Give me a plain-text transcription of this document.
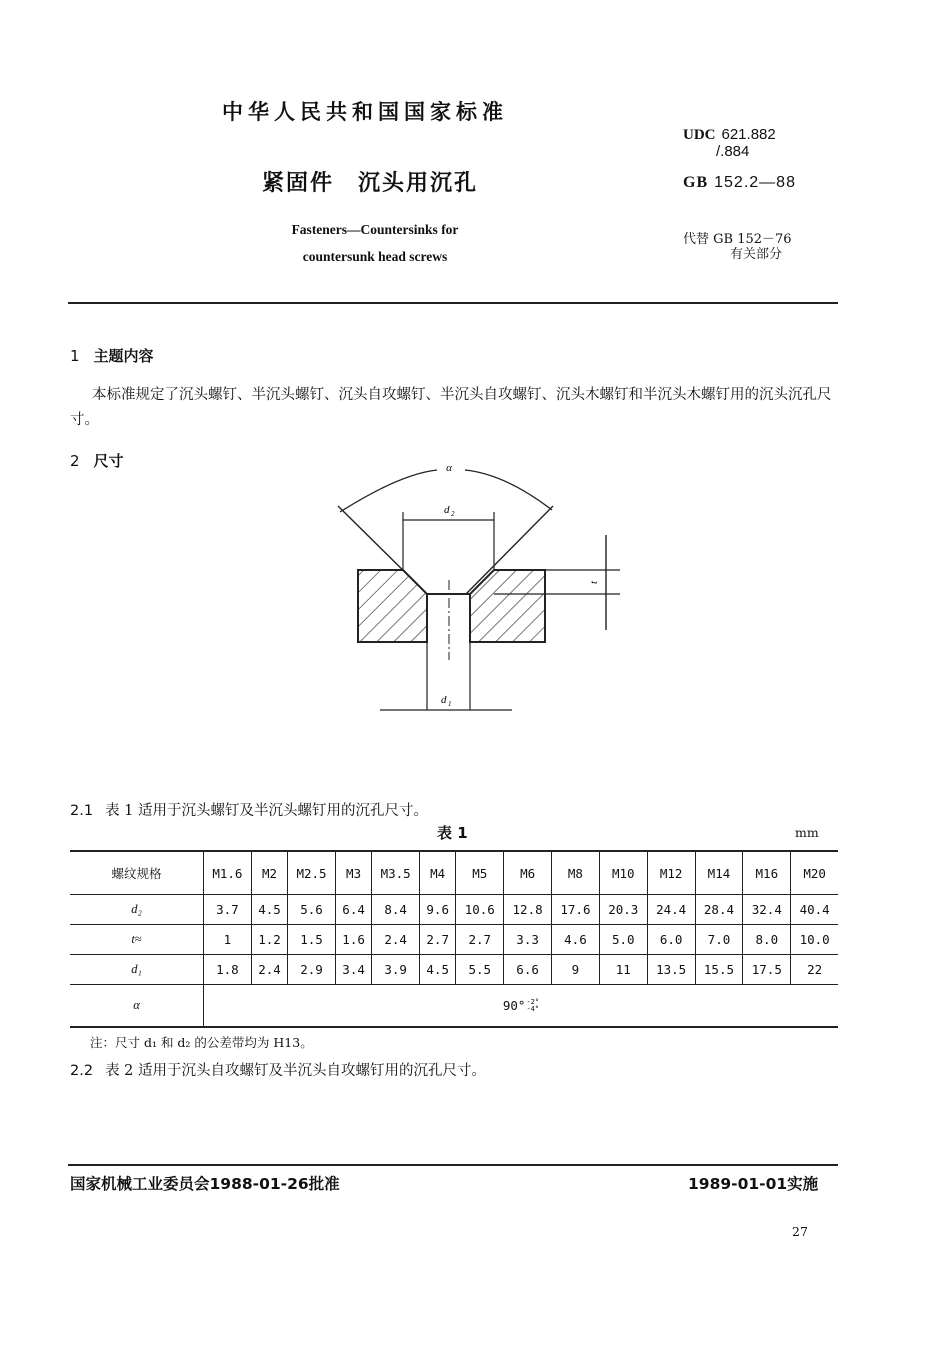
中华人民共和国国家标准
UDC 621.882
/.884
GB 152.2—88
代替 GB 152－76
有关部分
紧固件　沉头用沉孔
Fasteners—Countersinks for
countersunk head screws
1 主题内容
本标准规定了沉头螺钉、半沉头螺钉、沉头自攻螺钉、半沉头自攻螺钉、沉头木螺钉和半沉头木螺钉用的沉头沉孔尺寸。
2 尺寸	α
d 2
t
d 1
2.1 表 1 适用于沉头螺钉及半沉头螺钉用的沉孔尺寸。
表 1	mm
螺纹规格	M1.6	M2	M2.5	M3	M3.5	M4	M5	M6	M8	M10	M12	M14	M16	M20
d₂	3.7	4.5	5.6	6.4	8.4	9.6	10.6	12.8	17.6	20.3	24.4	28.4	32.4	40.4
t≈	1	1.2	1.5	1.6	2.4	2.7	2.7	3.3	4.6	5.0	6.0	7.0	8.0	10.0
d₁	1.8	2.4	2.9	3.4	3.9	4.5	5.5	6.6	9	11	13.5	15.5	17.5	22
α	90° -2°
-4°													
注：尺寸 d₁ 和 d₂ 的公差带均为 H13。
2.2 表 2 适用于沉头自攻螺钉及半沉头自攻螺钉用的沉孔尺寸。
国家机械工业委员会1988-01-26批准	1989-01-01实施
27
